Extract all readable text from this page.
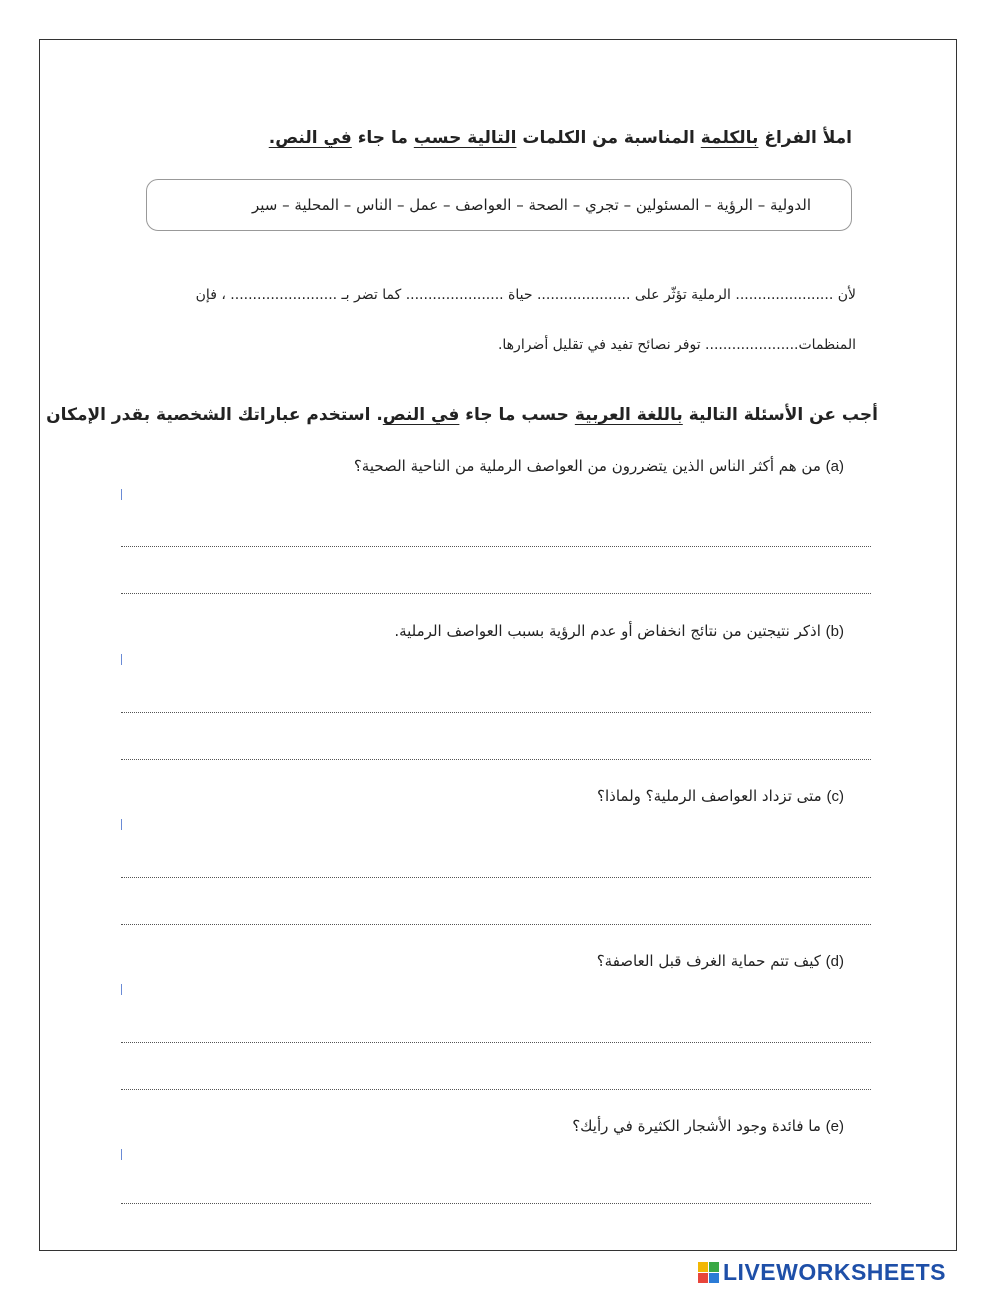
املأ الفراغ بالكلمة المناسبة من الكلمات التالية حسب ما جاء في النص.
الدولية – الرؤية – المسئولين – تجري – الصحة – العواصف – عمل – الناس – المحلية – سير
لأن ...................... الرملية تؤثّر على ..................... حياة ...................... كما تضر بـ ........................ ، فإن
المنظمات..................... توفر نصائح تفيد في تقليل أضرارها.
أجب عن الأسئلة التالية باللغة العربية حسب ما جاء في النص. استخدم عباراتك الشخصية بقدر الإمكان
(a) من هم أكثر الناس الذين يتضررون من العواصف الرملية من الناحية الصحية؟
(b) اذكر نتيجتين من نتائج انخفاض أو عدم الرؤية بسبب العواصف الرملية.
(c) متى تزداد العواصف الرملية؟ ولماذا؟
(d) كيف تتم حماية الغرف قبل العاصفة؟
(e) ما فائدة وجود الأشجار الكثيرة في رأيك؟
LIVEWORKSHEETS
